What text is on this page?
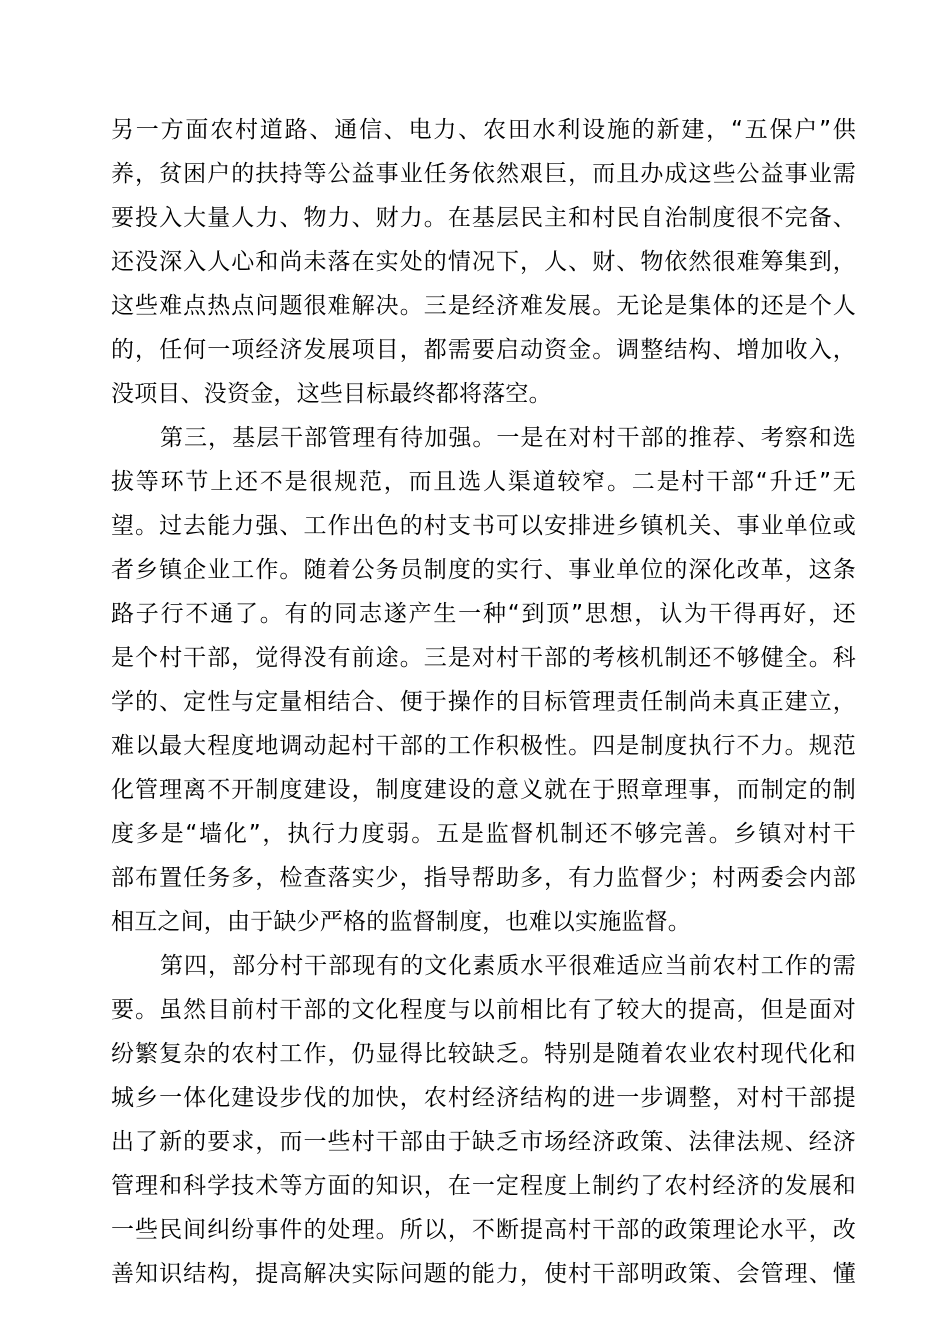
另一方面农村道路、通信、电力、农田水利设施的新建，“五保户”供
养，贫困户的扶持等公益事业任务依然艰巨，而且办成这些公益事业需
要投入大量人力、物力、财力。在基层民主和村民自治制度很不完备、
还没深入人心和尚未落在实处的情况下，人、财、物依然很难筹集到，
这些难点热点问题很难解决。三是经济难发展。无论是集体的还是个人
的，任何一项经济发展项目，都需要启动资金。调整结构、增加收入，
没项目、没资金，这些目标最终都将落空。
第三，基层干部管理有待加强。一是在对村干部的推荐、考察和选
拔等环节上还不是很规范，而且选人渠道较窄。二是村干部“升迁”无
望。过去能力强、工作出色的村支书可以安排进乡镇机关、事业单位或
者乡镇企业工作。随着公务员制度的实行、事业单位的深化改革，这条
路子行不通了。有的同志遂产生一种“到顶”思想，认为干得再好，还
是个村干部，觉得没有前途。三是对村干部的考核机制还不够健全。科
学的、定性与定量相结合、便于操作的目标管理责任制尚未真正建立，
难以最大程度地调动起村干部的工作积极性。四是制度执行不力。规范
化管理离不开制度建设，制度建设的意义就在于照章理事，而制定的制
度多是“墙化”，执行力度弱。五是监督机制还不够完善。乡镇对村干
部布置任务多，检查落实少，指导帮助多，有力监督少；村两委会内部
相互之间，由于缺少严格的监督制度，也难以实施监督。
第四，部分村干部现有的文化素质水平很难适应当前农村工作的需
要。虽然目前村干部的文化程度与以前相比有了较大的提高，但是面对
纷繁复杂的农村工作，仍显得比较缺乏。特别是随着农业农村现代化和
城乡一体化建设步伐的加快，农村经济结构的进一步调整，对村干部提
出了新的要求，而一些村干部由于缺乏市场经济政策、法律法规、经济
管理和科学技术等方面的知识，在一定程度上制约了农村经济的发展和
一些民间纠纷事件的处理。所以，不断提高村干部的政策理论水平，改
善知识结构，提高解决实际问题的能力，使村干部明政策、会管理、懂
